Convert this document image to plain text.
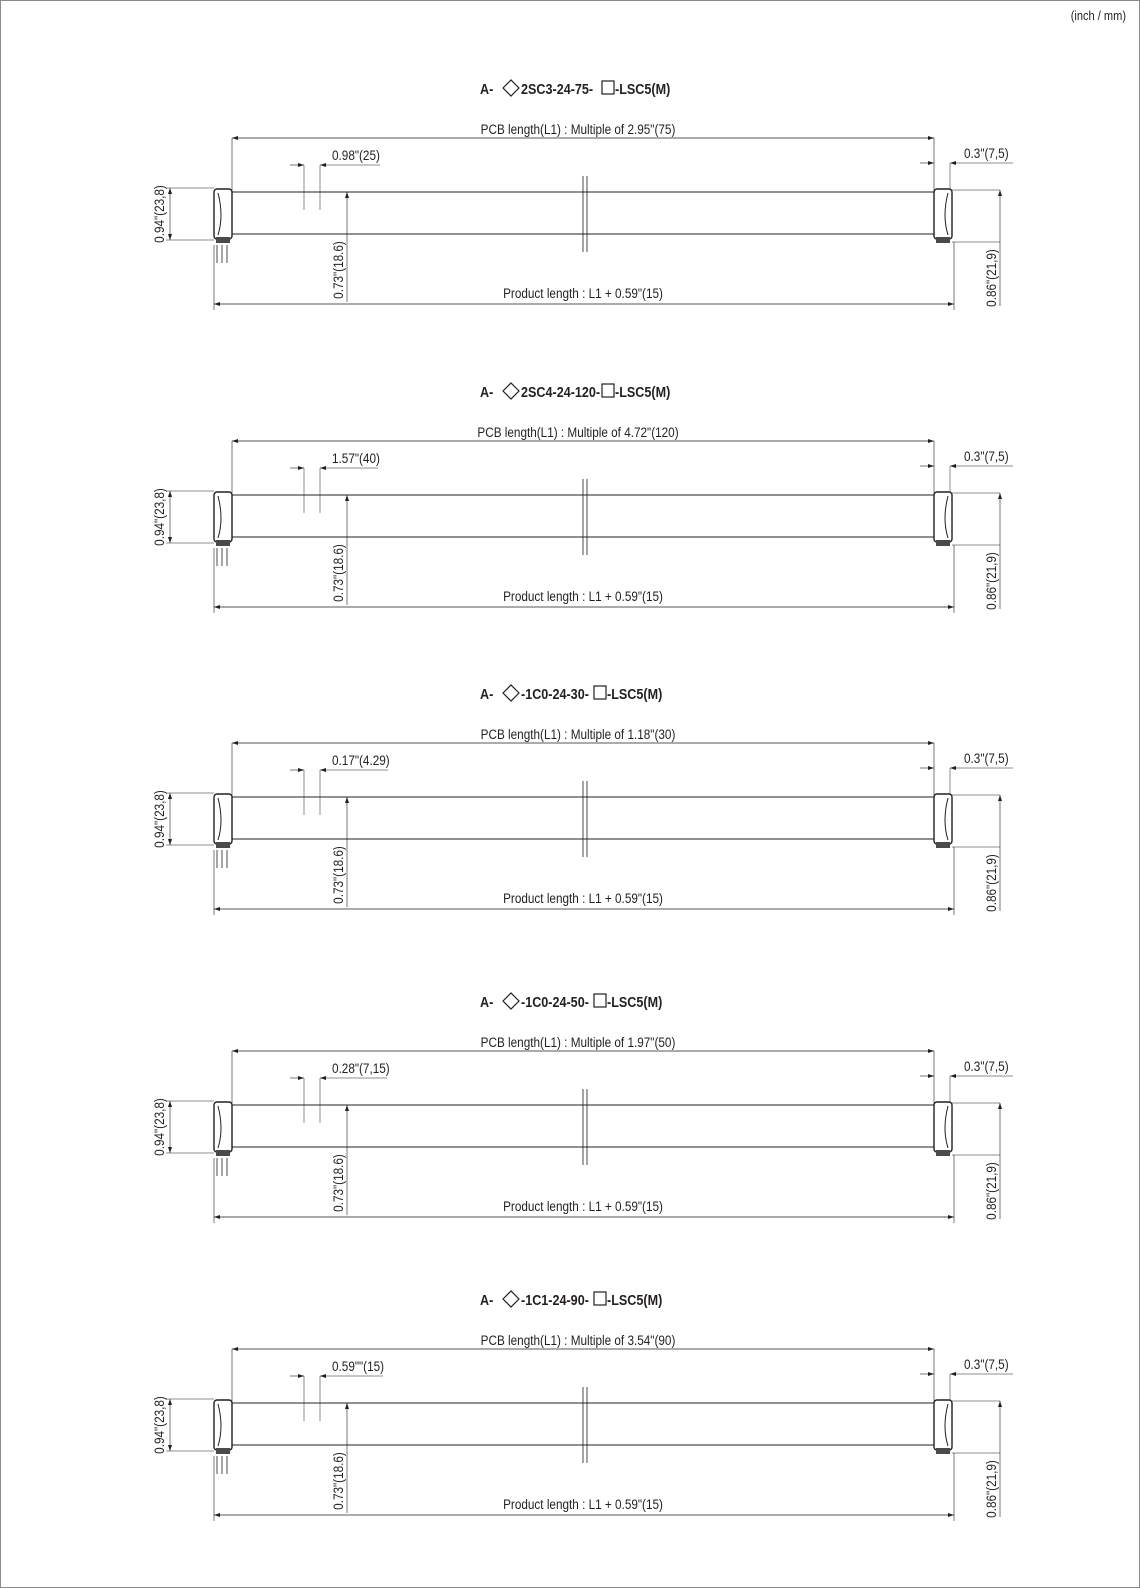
(inch / mm)
A- 2SC3-24-75- -LSC5(M)
PCB length(L1) : Multiple of 2.95"(75)
0.98"(25)	0.3"(7,5)
0.94"(23,8)
0.73"(18.6)	0.86"(21,9)
Product length : L1 + 0.59"(15)
A- 2SC4-24-120- -LSC5(M)
PCB length(L1) : Multiple of 4.72"(120)
1.57"(40)	0.3"(7,5)
0.94"(23,8)
0.73"(18.6)	0.86"(21,9)
Product length : L1 + 0.59"(15)
A- -1C0-24-30- -LSC5(M)
PCB length(L1) : Multiple of 1.18"(30)
0.17"(4.29)	0.3"(7,5)
0.94"(23,8)
0.73"(18.6)	0.86"(21,9)
Product length : L1 + 0.59"(15)
A- -1C0-24-50- -LSC5(M)
PCB length(L1) : Multiple of 1.97"(50)
0.28"(7,15)	0.3"(7,5)
0.94"(23,8)
0.73"(18.6)	0.86"(21,9)
Product length : L1 + 0.59"(15)
A- -1C1-24-90- -LSC5(M)
PCB length(L1) : Multiple of 3.54"(90)
0.59""(15)	0.3"(7,5)
0.94"(23,8)
0.73"(18.6)	0.86"(21,9)
Product length : L1 + 0.59"(15)
